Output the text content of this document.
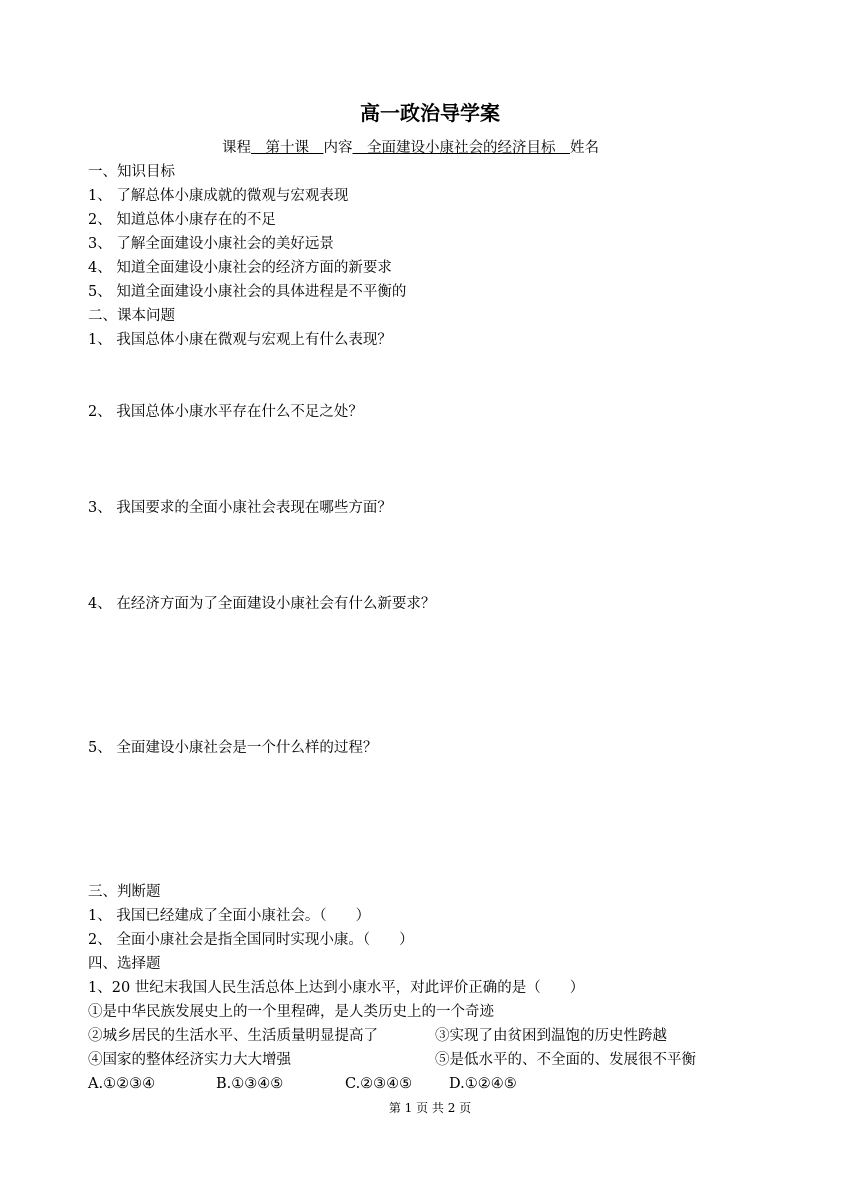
高一政治导学案
课程　第十课　内容　全面建设小康社会的经济目标　姓名
一、知识目标
1、 了解总体小康成就的微观与宏观表现
2、 知道总体小康存在的不足
3、 了解全面建设小康社会的美好远景
4、 知道全面建设小康社会的经济方面的新要求
5、 知道全面建设小康社会的具体进程是不平衡的
二、课本问题
1、 我国总体小康在微观与宏观上有什么表现？
2、 我国总体小康水平存在什么不足之处？
3、 我国要求的全面小康社会表现在哪些方面？
4、 在经济方面为了全面建设小康社会有什么新要求？
5、 全面建设小康社会是一个什么样的过程？
三、判断题
1、 我国已经建成了全面小康社会。（　　）
2、 全面小康社会是指全国同时实现小康。（　　）
四、选择题
1、20 世纪末我国人民生活总体上达到小康水平，对此评价正确的是（　　）
①是中华民族发展史上的一个里程碑，是人类历史上的一个奇迹
②城乡居民的生活水平、生活质量明显提高了	③实现了由贫困到温饱的历史性跨越
④国家的整体经济实力大大增强	⑤是低水平的、不全面的、发展很不平衡
A.①②③④	B.①③④⑤	C.②③④⑤	D.①②④⑤
第 1 页 共 2 页
